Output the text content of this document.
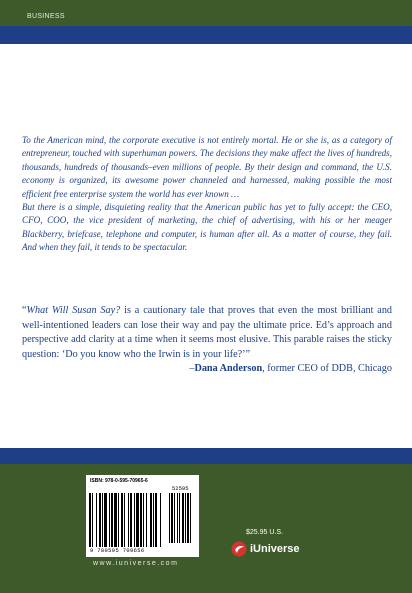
BUSINESS

To the American mind, the corporate executive is not entirely mortal. He or she is, as a category of entrepreneur, touched with superhuman powers. The decisions they make affect the lives of hundreds, thousands, hundreds of thousands–even millions of people. By their design and command, the U.S. economy is organized, its awesome power channeled and harnessed, making possible the most efficient free enterprise system the world has ever known …

But there is a simple, disquieting reality that the American public has yet to fully accept: the CEO, CFO, COO, the vice president of marketing, the chief of advertising, with his or her meager Blackberry, briefcase, telephone and computer, is human after all. As a matter of course, they fail. And when they fail, it tends to be spectacular.

“What Will Susan Say? is a cautionary tale that proves that even the most brilliant and well-intentioned leaders can lose their way and pay the ultimate price. Ed’s approach and perspective add clarity at a time when it seems most elusive. This parable raises the sticky question: ‘Do you know who the Irwin is in your life?’”
–Dana Anderson, former CEO of DDB, Chicago
ISBN: 978-0-595-70965-6
52595
9 780595 709656
www.iuniverse.com
$25.95 U.S.
iUniverse
